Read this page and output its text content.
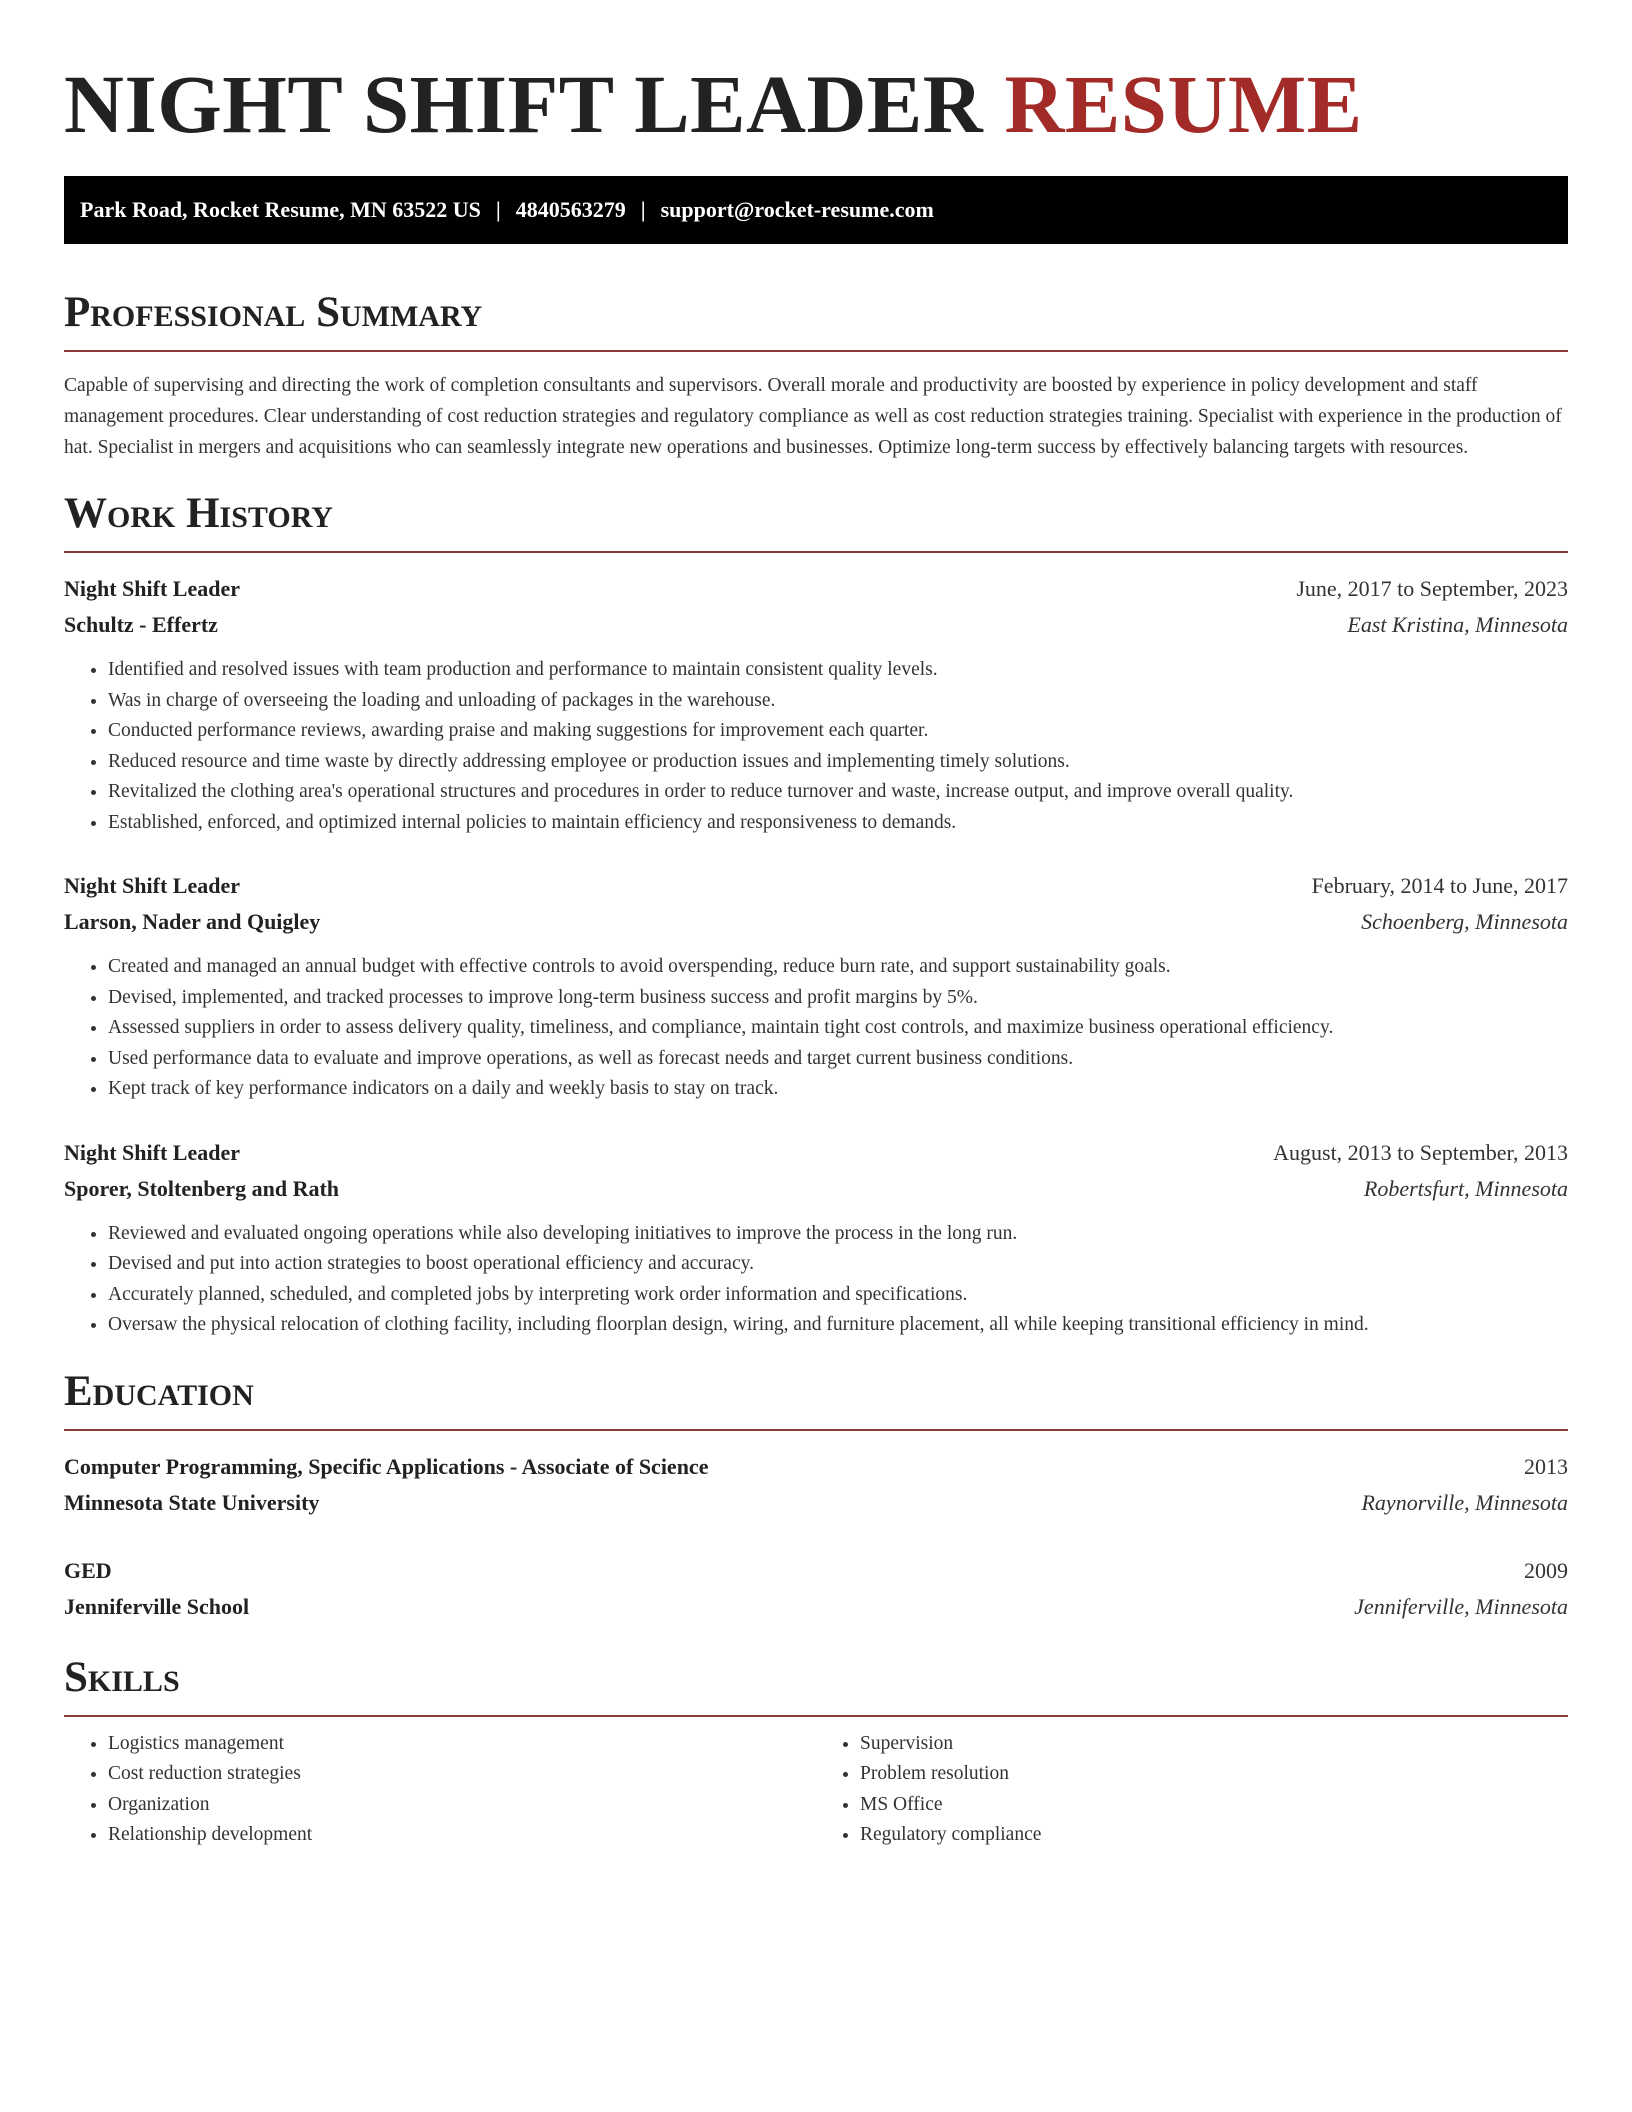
NIGHT SHIFT LEADER RESUME
Park Road, Rocket Resume, MN 63522 US | 4840563279 | support@rocket-resume.com
Professional Summary

Capable of supervising and directing the work of completion consultants and supervisors. Overall morale and productivity are boosted by experience in policy development and staff management procedures. Clear understanding of cost reduction strategies and regulatory compliance as well as cost reduction strategies training. Specialist with experience in the production of hat. Specialist in mergers and acquisitions who can seamlessly integrate new operations and businesses. Optimize long-term success by effectively balancing targets with resources.

Work History
Night Shift Leader	June, 2017 to September, 2023
Schultz - Effertz	East Kristina, Minnesota
• Identified and resolved issues with team production and performance to maintain consistent quality levels.
• Was in charge of overseeing the loading and unloading of packages in the warehouse.
• Conducted performance reviews, awarding praise and making suggestions for improvement each quarter.
• Reduced resource and time waste by directly addressing employee or production issues and implementing timely solutions.
• Revitalized the clothing area's operational structures and procedures in order to reduce turnover and waste, increase output, and improve overall quality.
• Established, enforced, and optimized internal policies to maintain efficiency and responsiveness to demands.
Night Shift Leader	February, 2014 to June, 2017
Larson, Nader and Quigley	Schoenberg, Minnesota
• Created and managed an annual budget with effective controls to avoid overspending, reduce burn rate, and support sustainability goals.
• Devised, implemented, and tracked processes to improve long-term business success and profit margins by 5%.
• Assessed suppliers in order to assess delivery quality, timeliness, and compliance, maintain tight cost controls, and maximize business operational efficiency.
• Used performance data to evaluate and improve operations, as well as forecast needs and target current business conditions.
• Kept track of key performance indicators on a daily and weekly basis to stay on track.
Night Shift Leader	August, 2013 to September, 2013
Sporer, Stoltenberg and Rath	Robertsfurt, Minnesota
• Reviewed and evaluated ongoing operations while also developing initiatives to improve the process in the long run.
• Devised and put into action strategies to boost operational efficiency and accuracy.
• Accurately planned, scheduled, and completed jobs by interpreting work order information and specifications.
• Oversaw the physical relocation of clothing facility, including floorplan design, wiring, and furniture placement, all while keeping transitional efficiency in mind.
Education
Computer Programming, Specific Applications - Associate of Science	2013
Minnesota State University	Raynorville, Minnesota
GED	2009
Jenniferville School	Jenniferville, Minnesota
Skills
• Logistics management
• Cost reduction strategies
• Organization
• Relationship development
• Supervision
• Problem resolution
• MS Office
• Regulatory compliance
